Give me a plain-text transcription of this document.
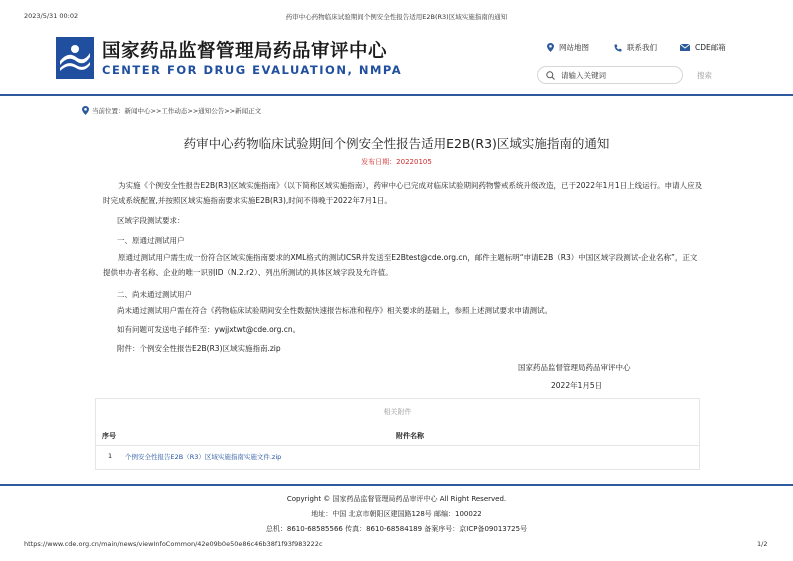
2023/5/31 00:02	药审中心药物临床试验期间个例安全性报告适用E2B(R3)区域实施指南的通知
国家药品监督管理局药品审评中心
CENTER FOR DRUG EVALUATION, NMPA
网站地图	联系我们	CDE邮箱
请输入关键词
搜索
当前位置：新闻中心>>工作动态>>通知公告>>新闻正文
药审中心药物临床试验期间个例安全性报告适用E2B(R3)区域实施指南的通知
发布日期：20220105
为实施《个例安全性报告E2B(R3)区域实施指南》（以下简称区域实施指南），药审中心已完成对临床试验期间药物警戒系统升级改造，已于2022年1月1日上线运行。申请人应及时完成系统配置,并按照区域实施指南要求实施E2B(R3),时间不得晚于2022年7月1日。
区域字段测试要求：
一、原通过测试用户
原通过测试用户需生成一份符合区域实施指南要求的XML格式的测试ICSR并发送至E2Btest@cde.org.cn，邮件主题标明“申请E2B（R3）中国区域字段测试-企业名称”，正文提供申办者名称、企业的唯一识别ID（N.2.r2）、列出所测试的具体区域字段及允许值。
二、尚未通过测试用户
尚未通过测试用户需在符合《药物临床试验期间安全性数据快速报告标准和程序》相关要求的基础上，参照上述测试要求申请测试。
如有问题可发送电子邮件至：ywjjxtwt@cde.org.cn。
附件：个例安全性报告E2B(R3)区域实施指南.zip
国家药品监督管理局药品审评中心
2022年1月5日
相关附件
序号	附件名称
1 个例安全性报告E2B（R3）区域实施指南实施文件.zip
Copyright © 国家药品监督管理局药品审评中心 All Right Reserved.
地址：中国 北京市朝阳区建国路128号 邮编：100022
总机：8610-68585566 传真：8610-68584189 备案序号：京ICP备09013725号
https://www.cde.org.cn/main/news/viewInfoCommon/42e09b0e50e86c46b38f1f93f983222c	1/2
